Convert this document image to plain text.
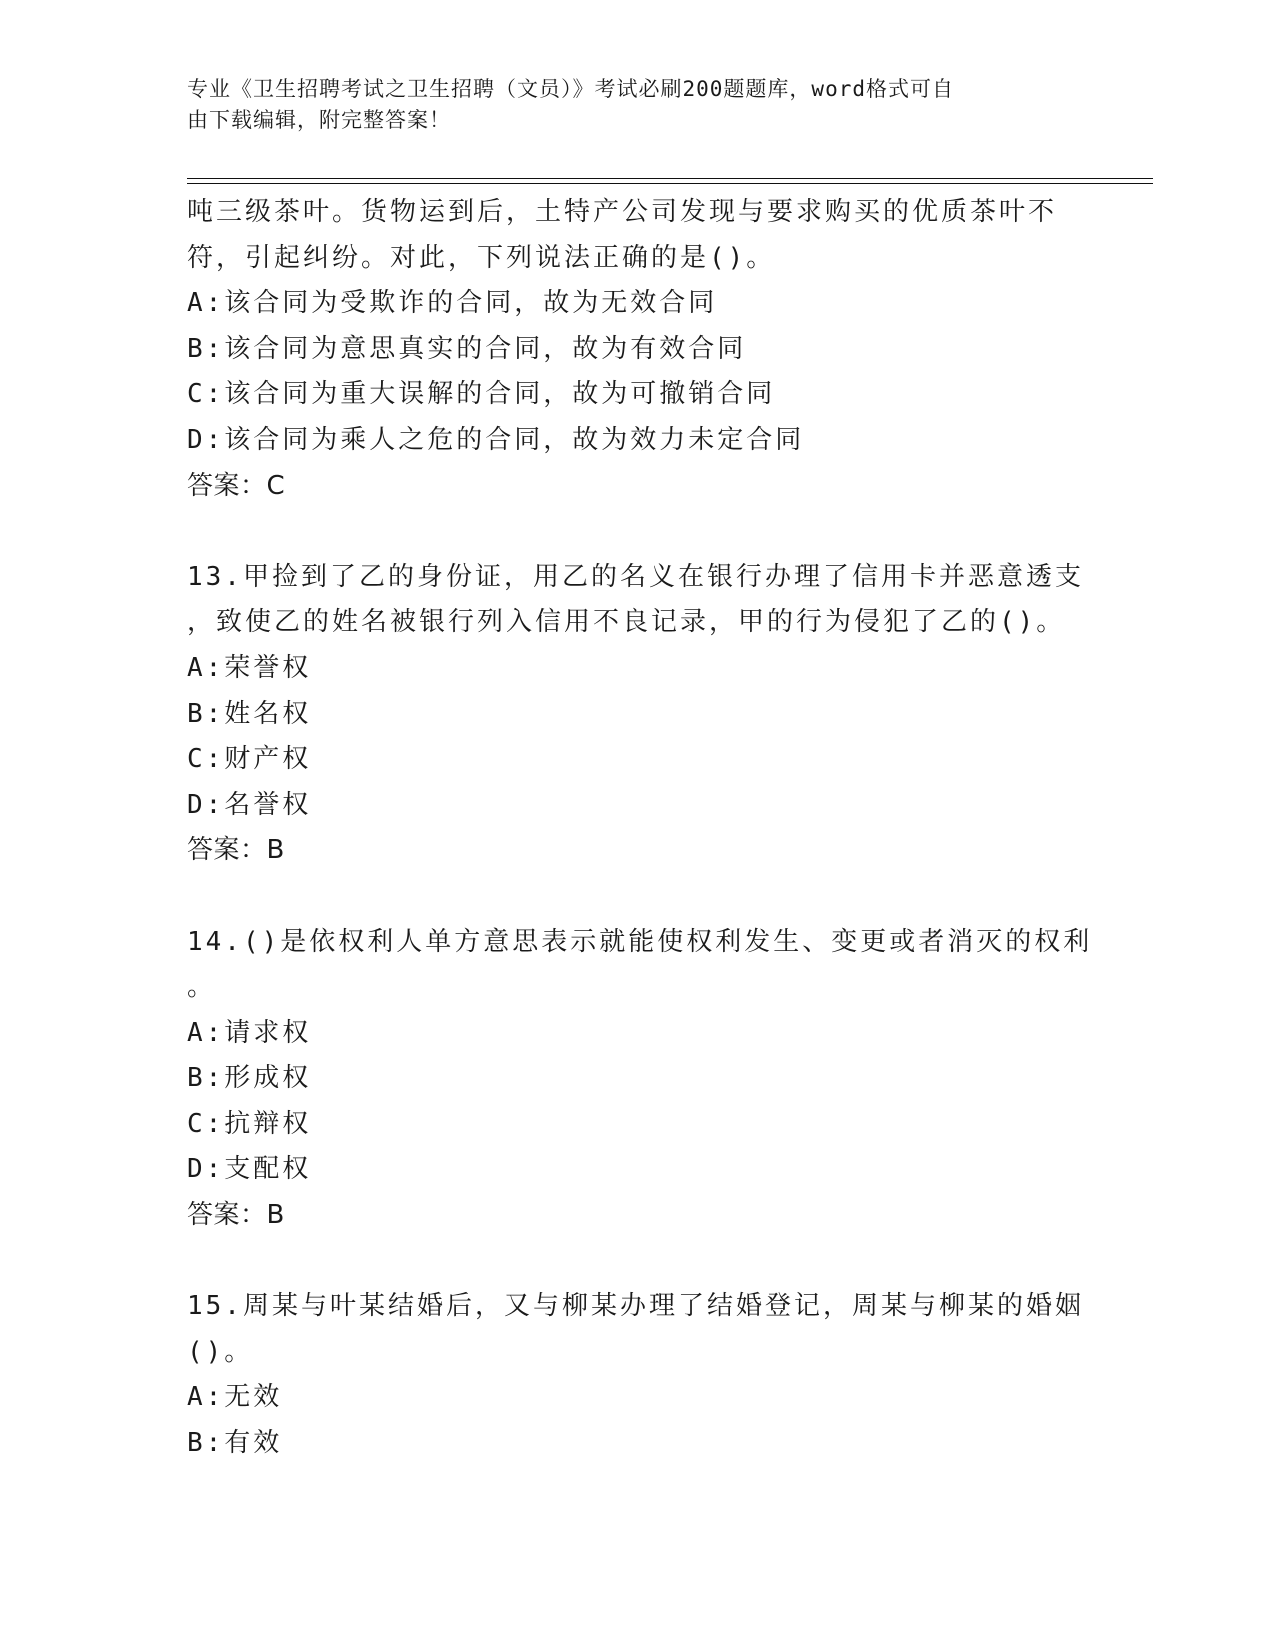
专业《卫生招聘考试之卫生招聘（文员）》考试必刷200题题库，word格式可自
由下载编辑，附完整答案！
吨三级茶叶。货物运到后，土特产公司发现与要求购买的优质茶叶不
符，引起纠纷。对此，下列说法正确的是()。
A:该合同为受欺诈的合同，故为无效合同
B:该合同为意思真实的合同，故为有效合同
C:该合同为重大误解的合同，故为可撤销合同
D:该合同为乘人之危的合同，故为效力未定合同
答案：C
13.甲捡到了乙的身份证，用乙的名义在银行办理了信用卡并恶意透支
，致使乙的姓名被银行列入信用不良记录，甲的行为侵犯了乙的()。
A:荣誉权
B:姓名权
C:财产权
D:名誉权
答案：B
14.()是依权利人单方意思表示就能使权利发生、变更或者消灭的权利
。
A:请求权
B:形成权
C:抗辩权
D:支配权
答案：B
15.周某与叶某结婚后，又与柳某办理了结婚登记，周某与柳某的婚姻
()。
A:无效
B:有效
